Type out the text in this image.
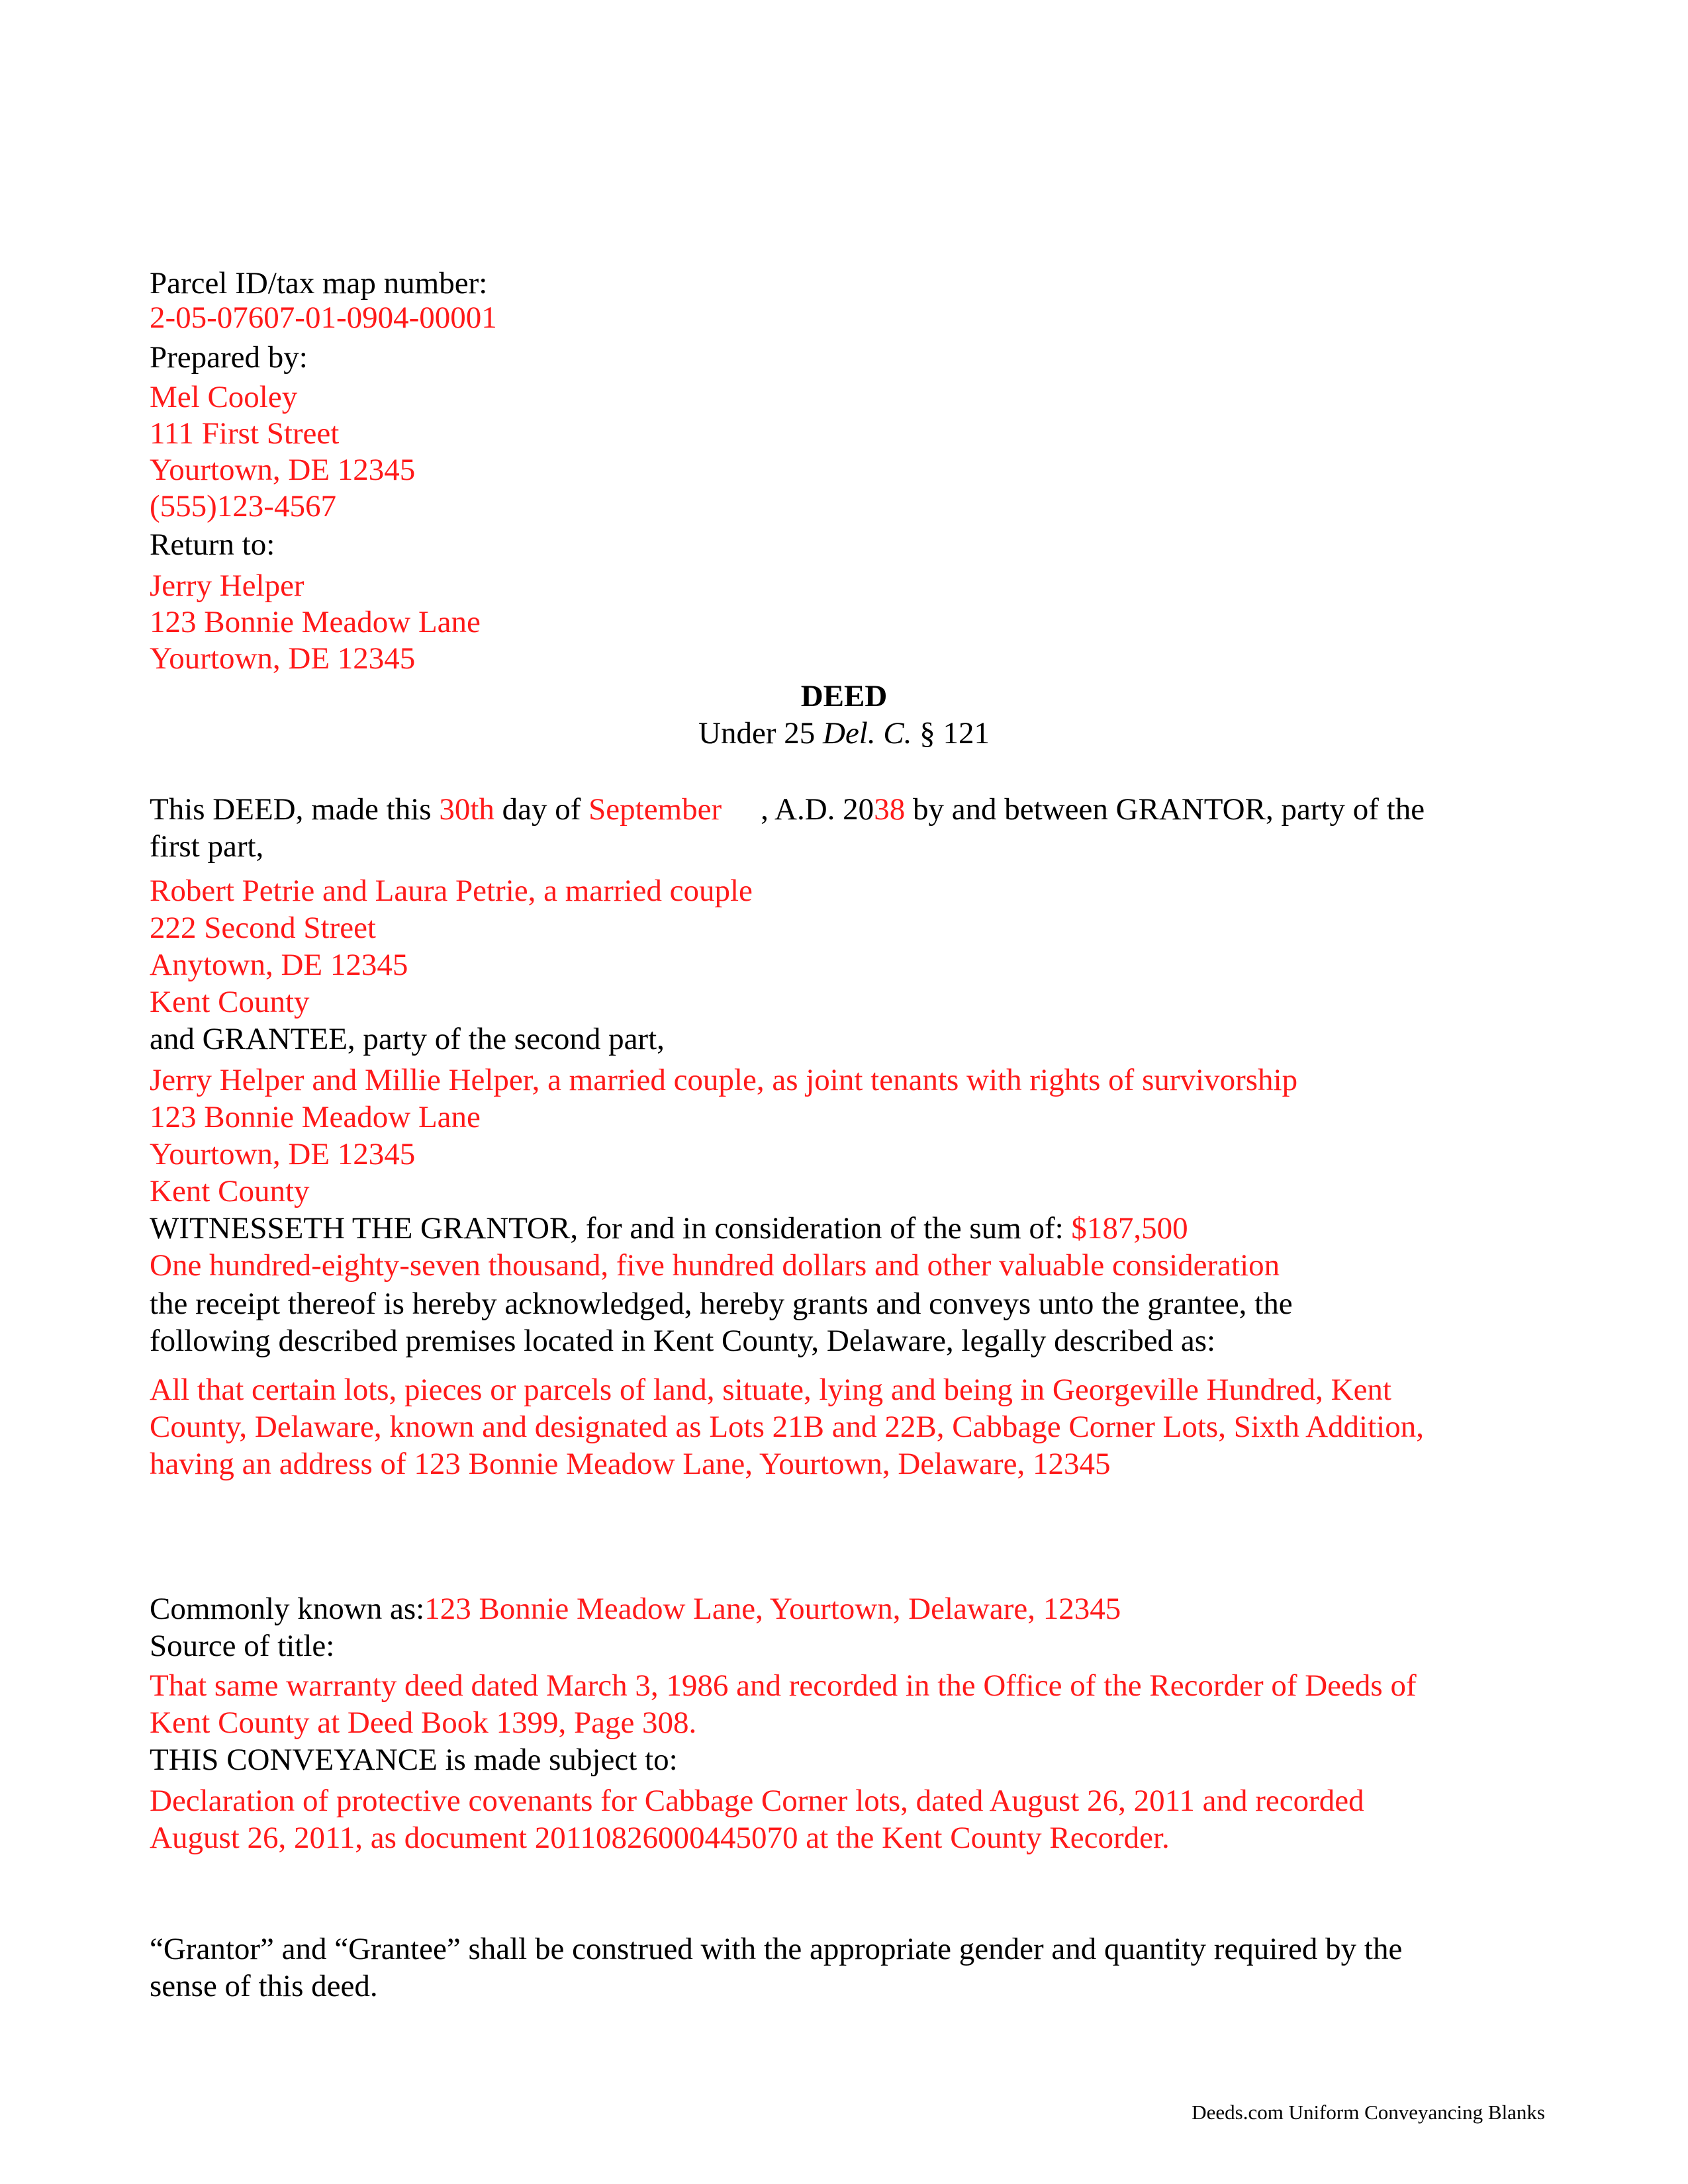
Parcel ID/tax map number:
2-05-07607-01-0904-00001
Prepared by:
Mel Cooley
111 First Street
Yourtown, DE 12345
(555)123-4567
Return to:
Jerry Helper
123 Bonnie Meadow Lane
Yourtown, DE 12345
DEED
Under 25 Del. C. § 121
This DEED, made this 30th day of September , A.D. 2038 by and between GRANTOR, party of the
first part,
Robert Petrie and Laura Petrie, a married couple
222 Second Street
Anytown, DE 12345
Kent County
and GRANTEE, party of the second part,
Jerry Helper and Millie Helper, a married couple, as joint tenants with rights of survivorship
123 Bonnie Meadow Lane
Yourtown, DE 12345
Kent County
WITNESSETH THE GRANTOR, for and in consideration of the sum of: $187,500
One hundred-eighty-seven thousand, five hundred dollars and other valuable consideration
the receipt thereof is hereby acknowledged, hereby grants and conveys unto the grantee, the
following described premises located in Kent County, Delaware, legally described as:
All that certain lots, pieces or parcels of land, situate, lying and being in Georgeville Hundred, Kent
County, Delaware, known and designated as Lots 21B and 22B, Cabbage Corner Lots, Sixth Addition,
having an address of 123 Bonnie Meadow Lane, Yourtown, Delaware, 12345
Commonly known as:123 Bonnie Meadow Lane, Yourtown, Delaware, 12345
Source of title:
That same warranty deed dated March 3, 1986 and recorded in the Office of the Recorder of Deeds of
Kent County at Deed Book 1399, Page 308.
THIS CONVEYANCE is made subject to:
Declaration of protective covenants for Cabbage Corner lots, dated August 26, 2011 and recorded
August 26, 2011, as document 20110826000445070 at the Kent County Recorder.
“Grantor” and “Grantee” shall be construed with the appropriate gender and quantity required by the
sense of this deed.
Deeds.com Uniform Conveyancing Blanks
